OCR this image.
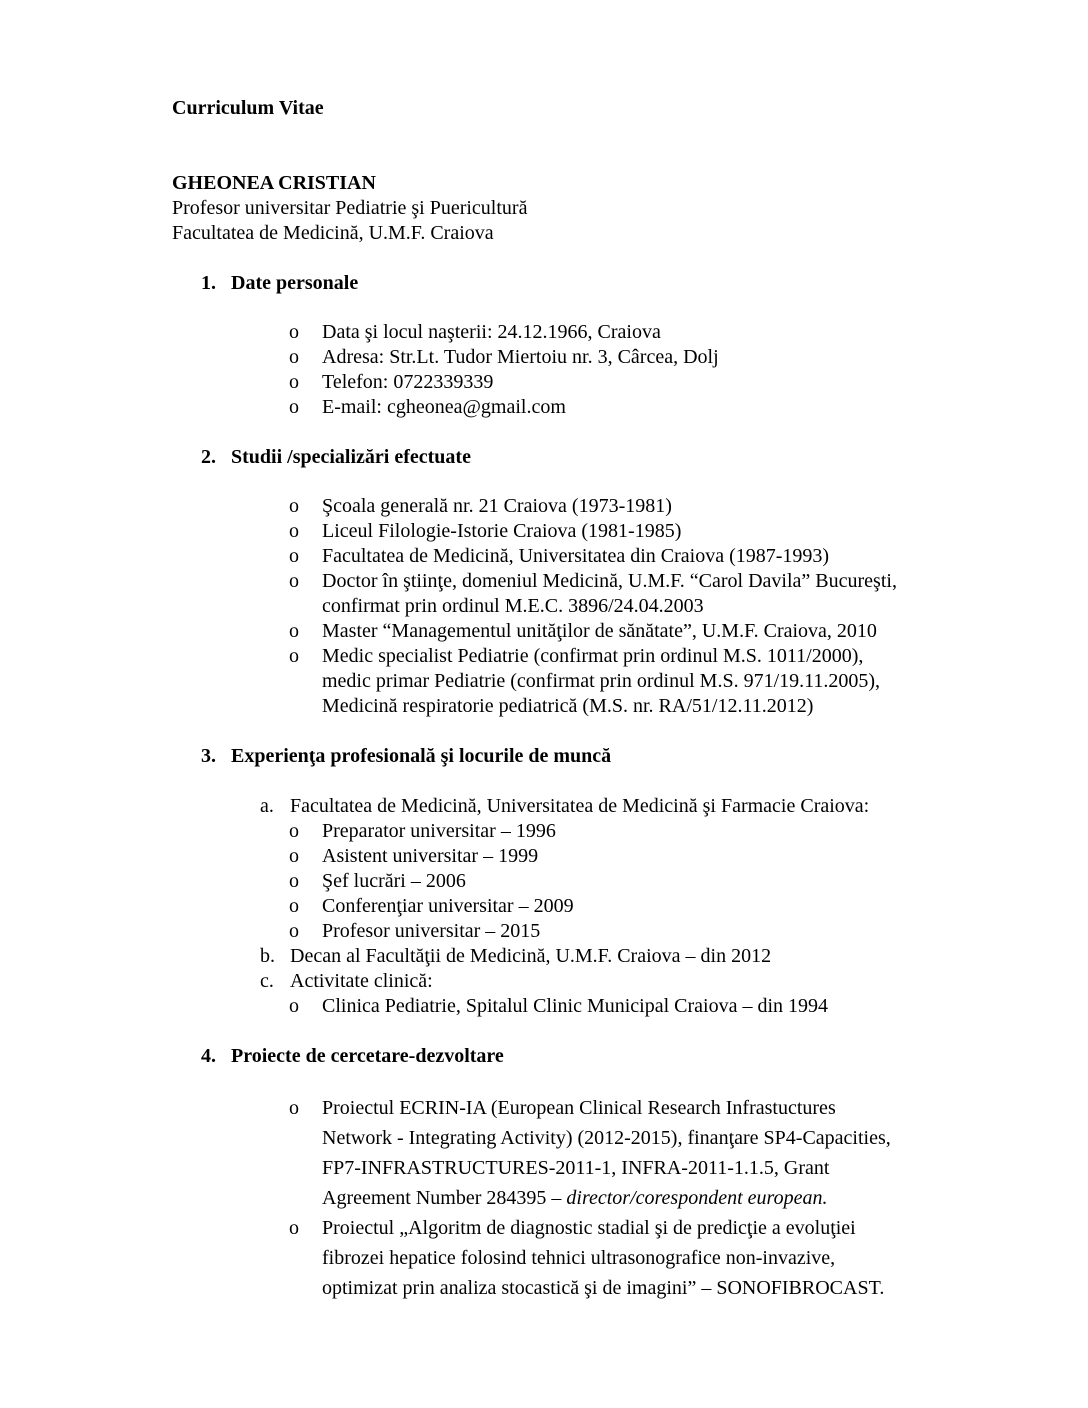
Curriculum Vitae
GHEONEA CRISTIAN
Profesor universitar Pediatrie şi Puericultură
Facultatea de Medicină, U.M.F. Craiova
1. Date personale
o Data şi locul naşterii: 24.12.1966, Craiova
o Adresa: Str.Lt. Tudor Miertoiu nr. 3, Cârcea, Dolj
o Telefon: 0722339339
o E-mail: cgheonea@gmail.com
2. Studii /specializări efectuate
o Şcoala generală nr. 21 Craiova (1973-1981)
o Liceul Filologie-Istorie Craiova (1981-1985)
o Facultatea de Medicină, Universitatea din Craiova (1987-1993)
o Doctor în ştiinţe, domeniul Medicină, U.M.F. “Carol Davila” Bucureşti,
confirmat prin ordinul M.E.C. 3896/24.04.2003
o Master “Managementul unităţilor de sănătate”, U.M.F. Craiova, 2010
o Medic specialist Pediatrie (confirmat prin ordinul M.S. 1011/2000),
medic primar Pediatrie (confirmat prin ordinul M.S. 971/19.11.2005),
Medicină respiratorie pediatrică (M.S. nr. RA/51/12.11.2012)
3. Experienţa profesională şi locurile de muncă
a. Facultatea de Medicină, Universitatea de Medicină şi Farmacie Craiova:
o Preparator universitar – 1996
o Asistent universitar – 1999
o Şef lucrări – 2006
o Conferenţiar universitar – 2009
o Profesor universitar – 2015
b. Decan al Facultăţii de Medicină, U.M.F. Craiova – din 2012
c. Activitate clinică:
o Clinica Pediatrie, Spitalul Clinic Municipal Craiova – din 1994
4. Proiecte de cercetare-dezvoltare
o Proiectul ECRIN-IA (European Clinical Research Infrastuctures
Network - Integrating Activity) (2012-2015), finanţare SP4-Capacities,
FP7-INFRASTRUCTURES-2011-1, INFRA-2011-1.1.5, Grant
Agreement Number 284395 – director/corespondent european.
o Proiectul „Algoritm de diagnostic stadial şi de predicţie a evoluţiei
fibrozei hepatice folosind tehnici ultrasonografice non-invazive,
optimizat prin analiza stocastică şi de imagini” – SONOFIBROCAST.
